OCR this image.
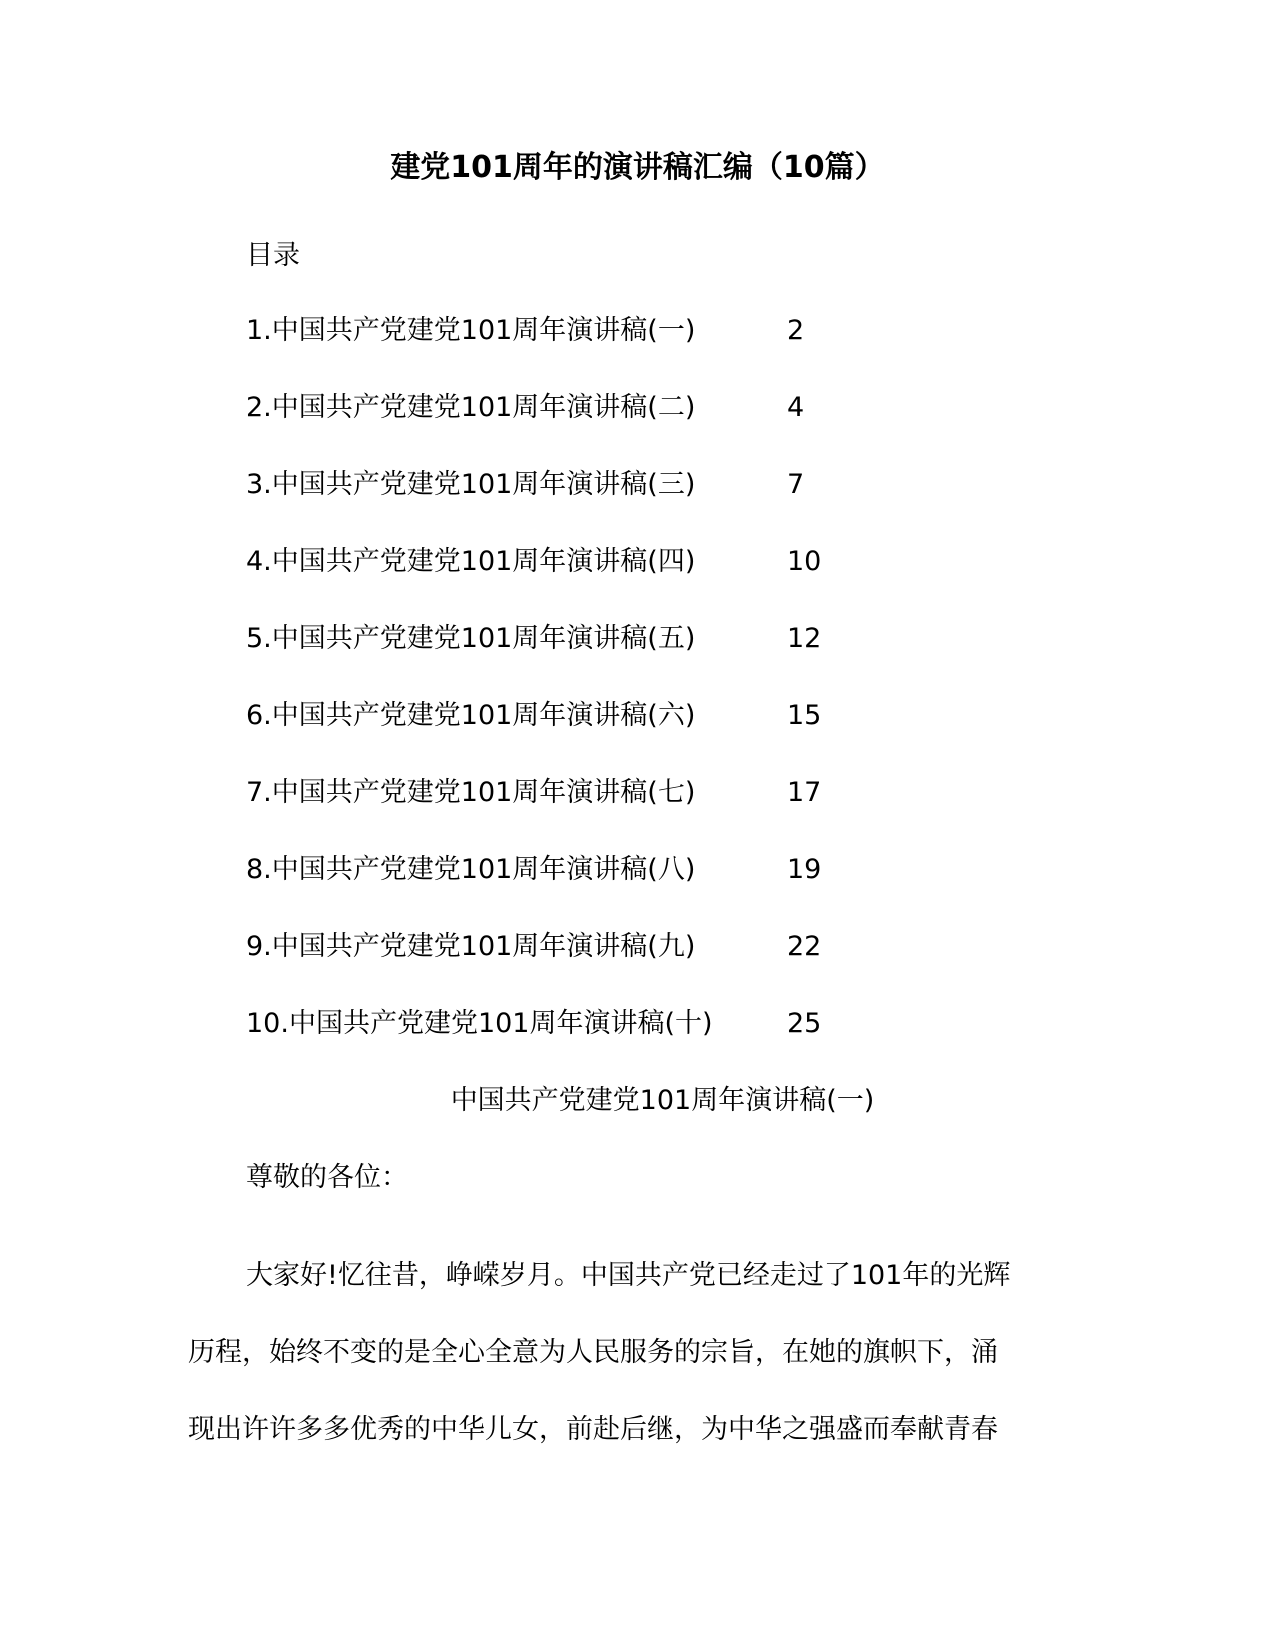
建党101周年的演讲稿汇编（10篇）
目录
1.中国共产党建党101周年演讲稿(一)	2
2.中国共产党建党101周年演讲稿(二)	4
3.中国共产党建党101周年演讲稿(三)	7
4.中国共产党建党101周年演讲稿(四)	10
5.中国共产党建党101周年演讲稿(五)	12
6.中国共产党建党101周年演讲稿(六)	15
7.中国共产党建党101周年演讲稿(七)	17
8.中国共产党建党101周年演讲稿(八)	19
9.中国共产党建党101周年演讲稿(九)	22
10.中国共产党建党101周年演讲稿(十)	25
中国共产党建党101周年演讲稿(一)
尊敬的各位：
大家好!忆往昔，峥嵘岁月。中国共产党已经走过了101年的光辉
历程，始终不变的是全心全意为人民服务的宗旨，在她的旗帜下，涌
现出许许多多优秀的中华儿女，前赴后继，为中华之强盛而奉献青春
